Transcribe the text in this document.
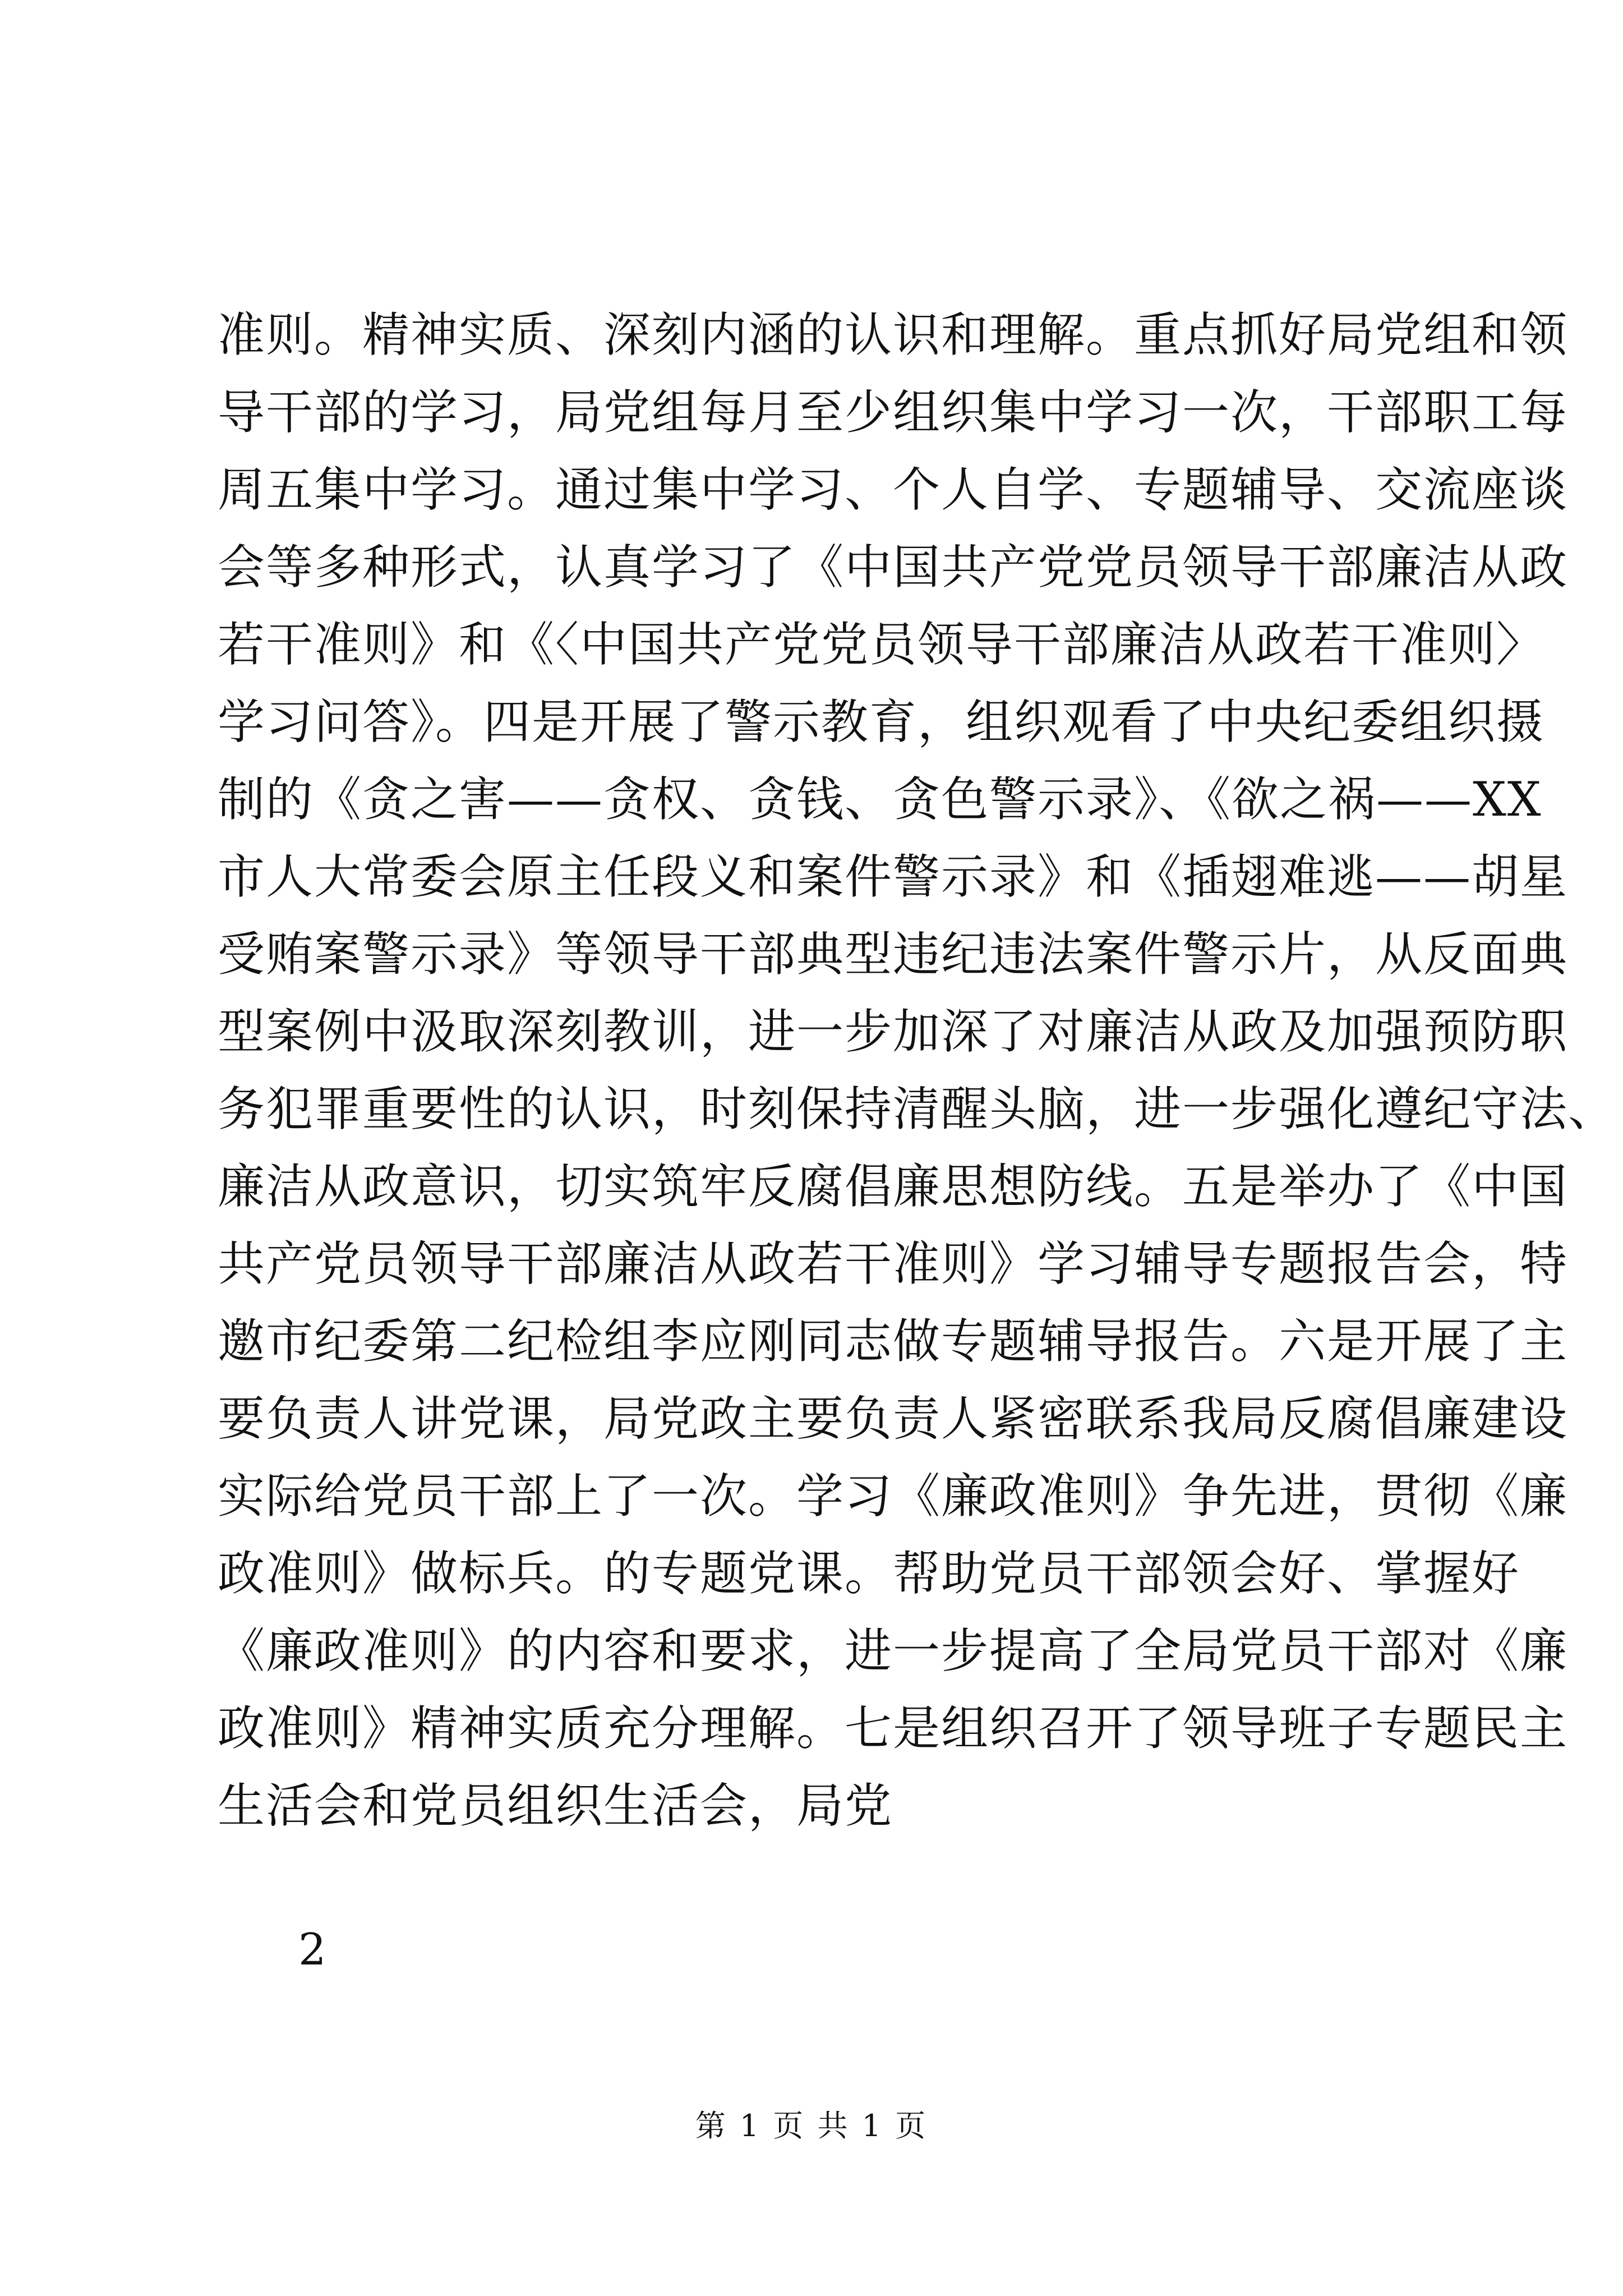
准则。精神实质、深刻内涵的认识和理解。重点抓好局党组和领
导干部的学习，局党组每月至少组织集中学习一次，干部职工每
周五集中学习。通过集中学习、个人自学、专题辅导、交流座谈
会等多种形式，认真学习了《中国共产党党员领导干部廉洁从政
若干准则》和《〈中国共产党党员领导干部廉洁从政若干准则〉
学习问答》。四是开展了警示教育，组织观看了中央纪委组织摄
制的《贪之害——贪权、贪钱、贪色警示录》、《欲之祸——XX
市人大常委会原主任段义和案件警示录》和《插翅难逃——胡星
受贿案警示录》等领导干部典型违纪违法案件警示片，从反面典
型案例中汲取深刻教训，进一步加深了对廉洁从政及加强预防职
务犯罪重要性的认识，时刻保持清醒头脑，进一步强化遵纪守法、
廉洁从政意识，切实筑牢反腐倡廉思想防线。五是举办了《中国
共产党员领导干部廉洁从政若干准则》学习辅导专题报告会，特
邀市纪委第二纪检组李应刚同志做专题辅导报告。六是开展了主
要负责人讲党课，局党政主要负责人紧密联系我局反腐倡廉建设
实际给党员干部上了一次。学习《廉政准则》争先进，贯彻《廉
政准则》做标兵。的专题党课。帮助党员干部领会好、掌握好
《廉政准则》的内容和要求，进一步提高了全局党员干部对《廉
政准则》精神实质充分理解。七是组织召开了领导班子专题民主
生活会和党员组织生活会，局党
2
第 1 页 共 1 页
